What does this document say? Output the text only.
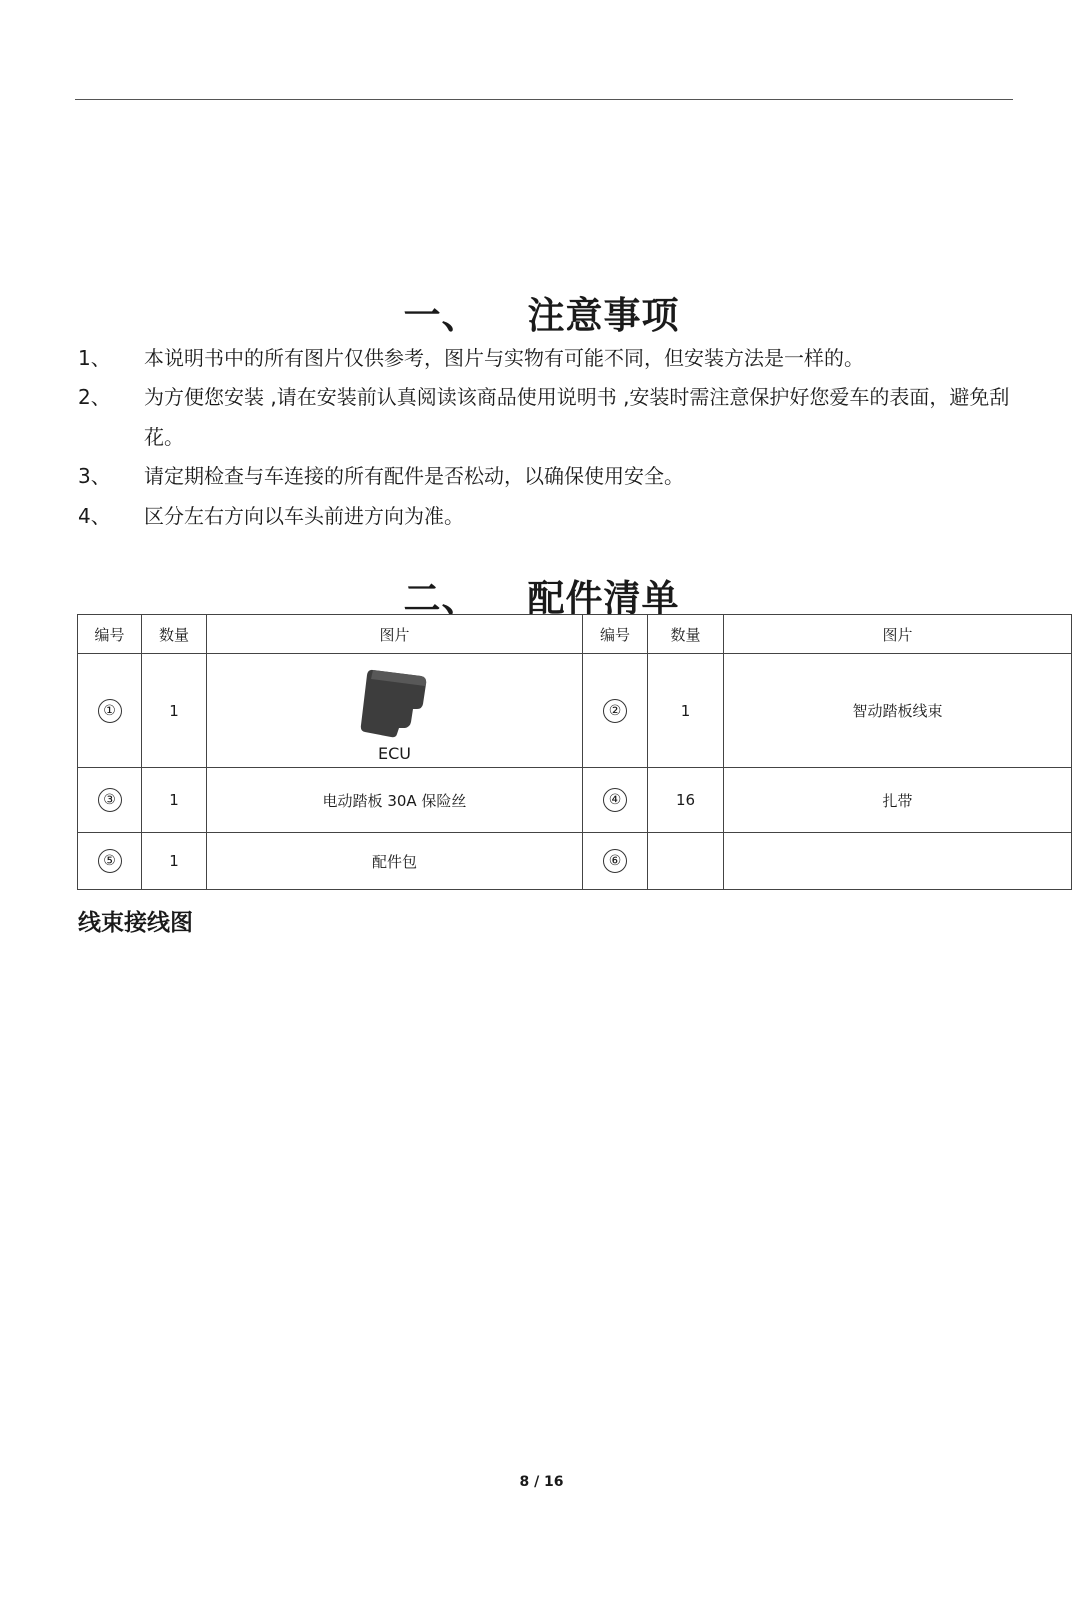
一、 注意事项
1、 本说明书中的所有图片仅供参考，图片与实物有可能不同，但安装方法是一样的。
2、 为方便您安装 ,请在安装前认真阅读该商品使用说明书 ,安装时需注意保护好您爱车的表面，避免刮花。
3、 请定期检查与车连接的所有配件是否松动，以确保使用安全。
4、 区分左右方向以车头前进方向为准。
二、 配件清单
编号	数量	图片	编号	数量	图片
①	1	ECU	②	1	智动踏板线束
③	1	电动踏板 30A 保险丝	④	16	扎带
⑤	1	配件包	⑥		
线束接线图
8 / 16
